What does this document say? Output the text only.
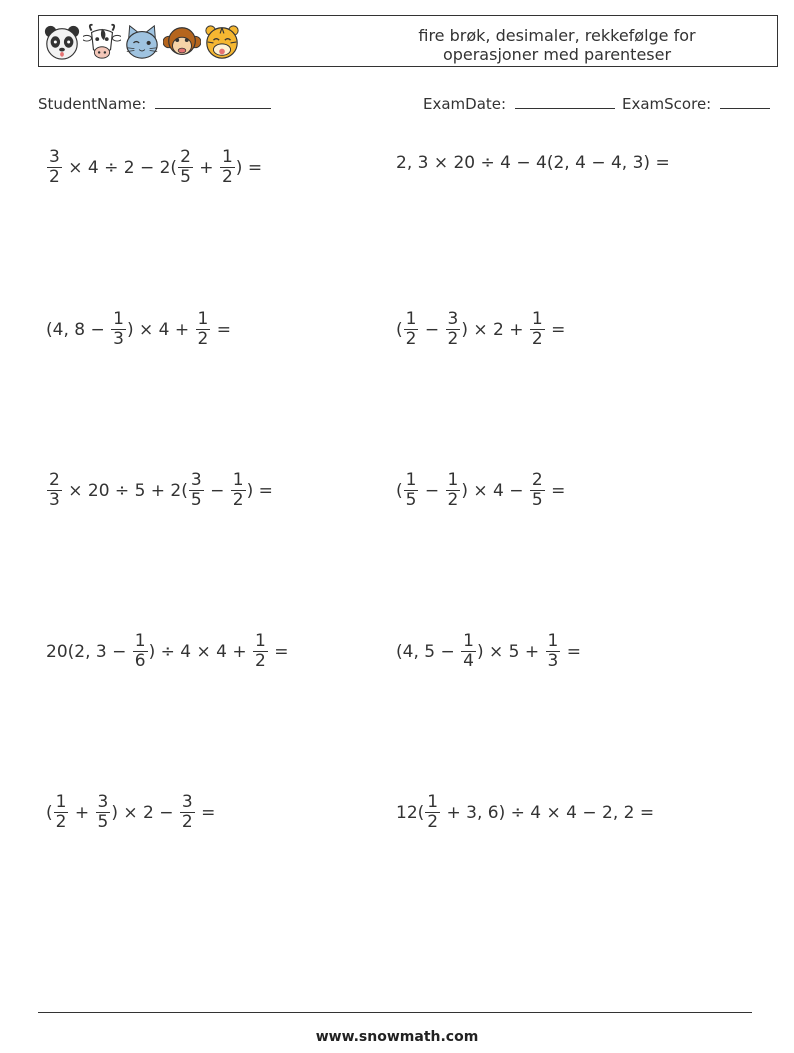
fire brøk, desimaler, rekkefølge for
operasjoner med parenteser
StudentName:	ExamDate:	ExamScore:
$\frac{3}{2} \times 4 \div 2 - 2( \frac{2}{5} + \frac{1}{2}$ ) =	2, 3 × 20 ÷ 4 − 4(2, 4 − 4, 3) =
(4, $8 - \frac{1}{3}$ ) × $4 + \frac{1}{2}$ =	( $\frac{1}{2} - \frac{3}{2}$ ) × $2 + \frac{1}{2}$ =
$\frac{2}{3} \times 20 \div 5 + 2( \frac{3}{5} - \frac{1}{2}$ ) =	( $\frac{1}{5} - \frac{1}{2}$ ) × $4 - \frac{2}{5}$ =
20(2, $3 - \frac{1}{6}$ ) ÷ $4 \times 4 + \frac{1}{2}$ =	(4, $5 - \frac{1}{4}$ ) × $5 + \frac{1}{3}$ =
( $\frac{1}{2} + \frac{3}{5}$ ) × $2 - \frac{3}{2}$ =	$12( \frac{1}{2} + 3$, 6) ÷ 4 × 4 − 2, 2 =
www.snowmath.com
